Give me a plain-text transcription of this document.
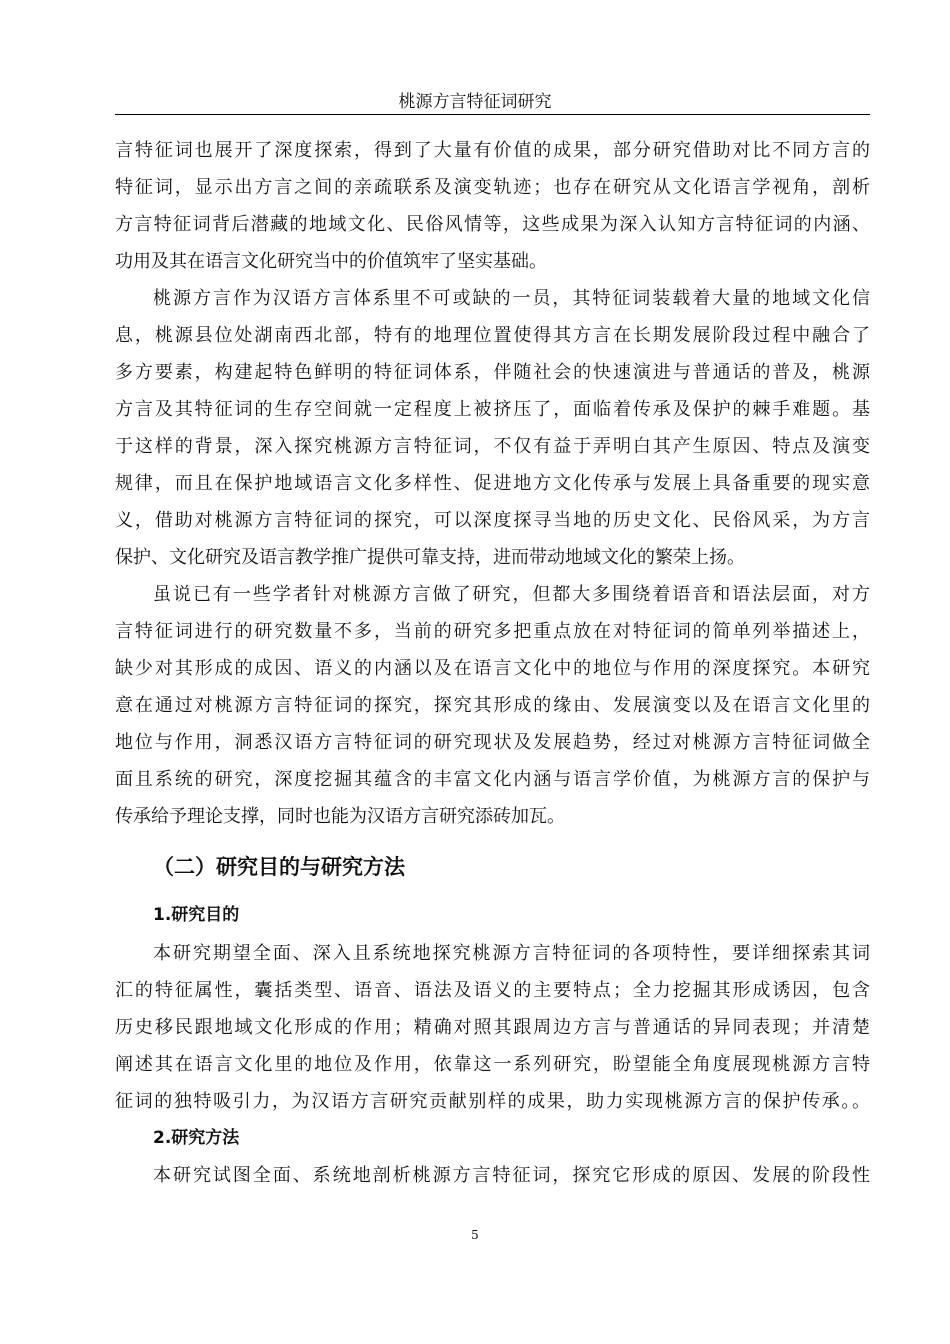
桃源方言特征词研究
言特征词也展开了深度探索，得到了大量有价值的成果，部分研究借助对比不同方言的
特征词，显示出方言之间的亲疏联系及演变轨迹；也存在研究从文化语言学视角，剖析
方言特征词背后潜藏的地域文化、民俗风情等，这些成果为深入认知方言特征词的内涵、
功用及其在语言文化研究当中的价值筑牢了坚实基础。
桃源方言作为汉语方言体系里不可或缺的一员，其特征词装载着大量的地域文化信
息，桃源县位处湖南西北部，特有的地理位置使得其方言在长期发展阶段过程中融合了
多方要素，构建起特色鲜明的特征词体系，伴随社会的快速演进与普通话的普及，桃源
方言及其特征词的生存空间就一定程度上被挤压了，面临着传承及保护的棘手难题。基
于这样的背景，深入探究桃源方言特征词，不仅有益于弄明白其产生原因、特点及演变
规律，而且在保护地域语言文化多样性、促进地方文化传承与发展上具备重要的现实意
义，借助对桃源方言特征词的探究，可以深度探寻当地的历史文化、民俗风采，为方言
保护、文化研究及语言教学推广提供可靠支持，进而带动地域文化的繁荣上扬。
虽说已有一些学者针对桃源方言做了研究，但都大多围绕着语音和语法层面，对方
言特征词进行的研究数量不多，当前的研究多把重点放在对特征词的简单列举描述上，
缺少对其形成的成因、语义的内涵以及在语言文化中的地位与作用的深度探究。本研究
意在通过对桃源方言特征词的探究，探究其形成的缘由、发展演变以及在语言文化里的
地位与作用，洞悉汉语方言特征词的研究现状及发展趋势，经过对桃源方言特征词做全
面且系统的研究，深度挖掘其蕴含的丰富文化内涵与语言学价值，为桃源方言的保护与
传承给予理论支撑，同时也能为汉语方言研究添砖加瓦。
（二）研究目的与研究方法
1.研究目的
本研究期望全面、深入且系统地探究桃源方言特征词的各项特性，要详细探索其词
汇的特征属性，囊括类型、语音、语法及语义的主要特点；全力挖掘其形成诱因，包含
历史移民跟地域文化形成的作用；精确对照其跟周边方言与普通话的异同表现；并清楚
阐述其在语言文化里的地位及作用，依靠这一系列研究，盼望能全角度展现桃源方言特
征词的独特吸引力，为汉语方言研究贡献别样的成果，助力实现桃源方言的保护传承。。
2.研究方法
本研究试图全面、系统地剖析桃源方言特征词，探究它形成的原因、发展的阶段性
5
